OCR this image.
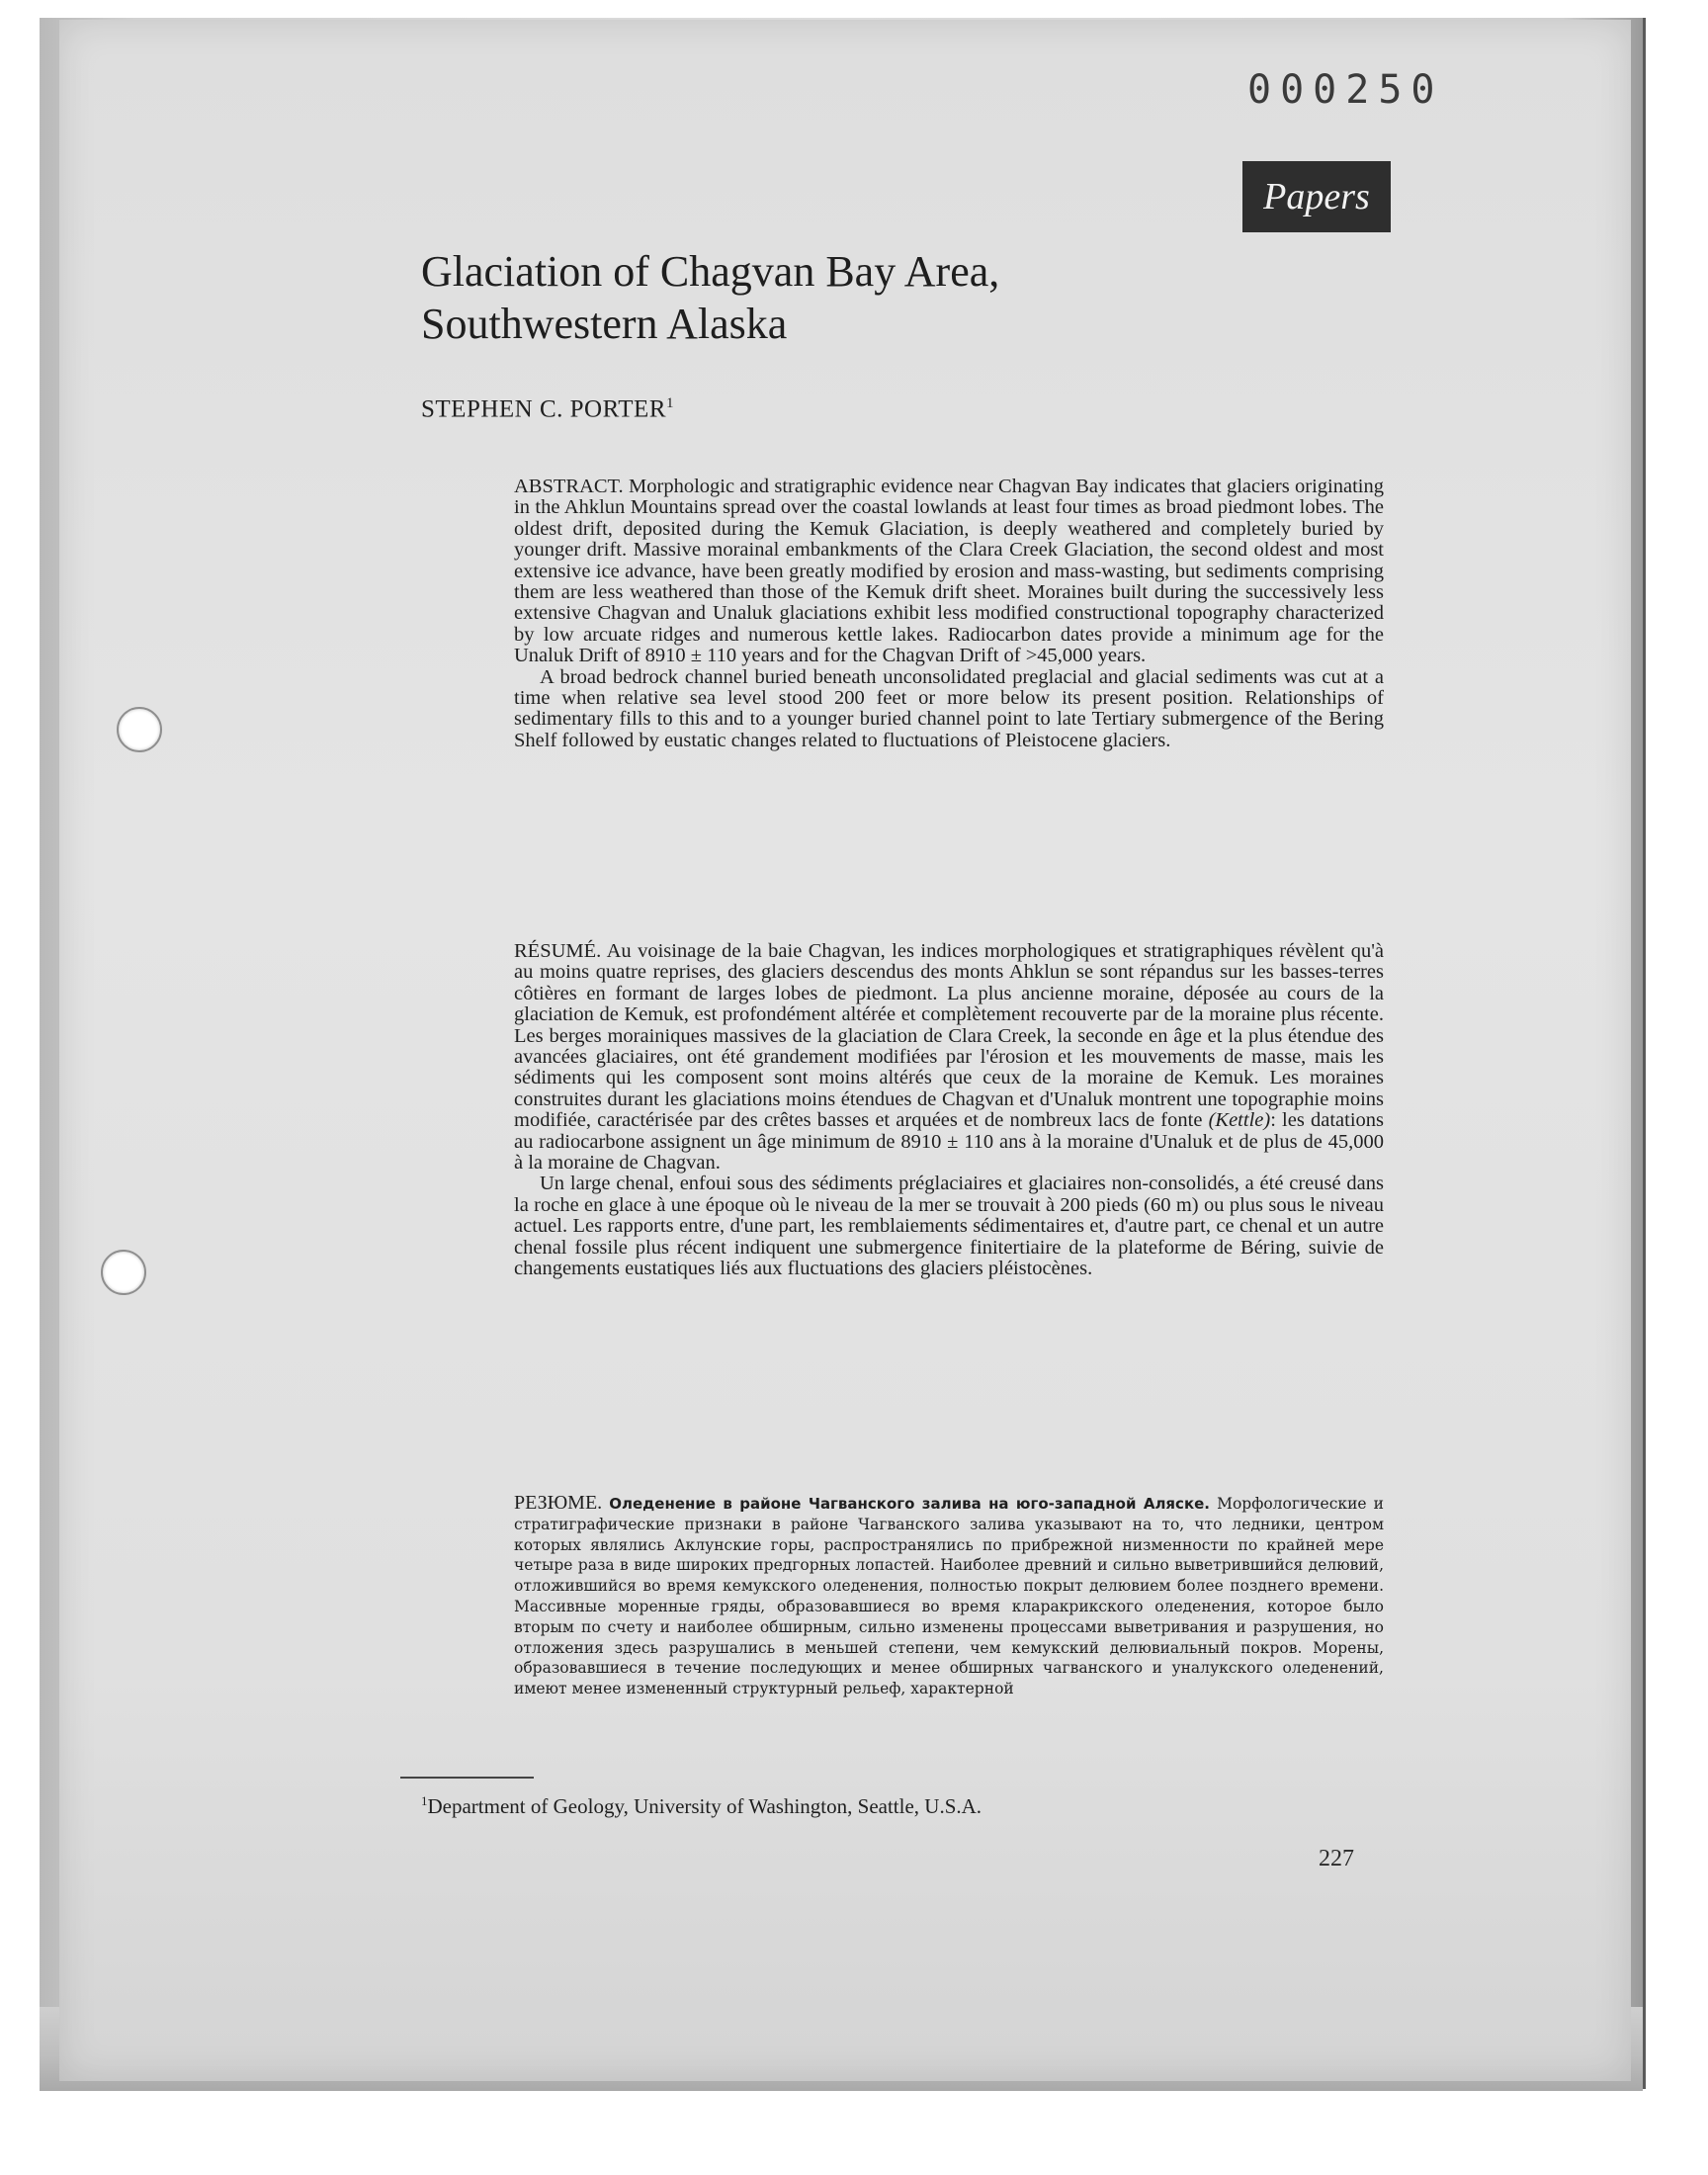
000250
Papers
Glaciation of Chagvan Bay Area,
Southwestern Alaska
STEPHEN C. PORTER$^1$

ABSTRACT. Morphologic and stratigraphic evidence near Chagvan Bay indicates that glaciers originating in the Ahklun Mountains spread over the coastal lowlands at least four times as broad piedmont lobes. The oldest drift, deposited during the Kemuk Glaciation, is deeply weathered and completely buried by younger drift. Massive morainal embankments of the Clara Creek Glaciation, the second oldest and most extensive ice advance, have been greatly modified by erosion and mass-wasting, but sediments comprising them are less weathered than those of the Kemuk drift sheet. Moraines built during the successively less extensive Chagvan and Unaluk glaciations exhibit less modified constructional topography characterized by low arcuate ridges and numerous kettle lakes. Radiocarbon dates provide a minimum age for the Unaluk Drift of 8910 ± 110 years and for the Chagvan Drift of >45,000 years.

A broad bedrock channel buried beneath unconsolidated preglacial and glacial sediments was cut at a time when relative sea level stood 200 feet or more below its present position. Relationships of sedimentary fills to this and to a younger buried channel point to late Tertiary submergence of the Bering Shelf followed by eustatic changes related to fluctuations of Pleistocene glaciers.

RÉSUMÉ. Au voisinage de la baie Chagvan, les indices morphologiques et stratigraphiques révèlent qu'à au moins quatre reprises, des glaciers descendus des monts Ahklun se sont répandus sur les basses-terres côtières en formant de larges lobes de piedmont. La plus ancienne moraine, déposée au cours de la glaciation de Kemuk, est profondément altérée et complètement recouverte par de la moraine plus récente. Les berges morainiques massives de la glaciation de Clara Creek, la seconde en âge et la plus étendue des avancées glaciaires, ont été grandement modifiées par l'érosion et les mouvements de masse, mais les sédiments qui les composent sont moins altérés que ceux de la moraine de Kemuk. Les moraines construites durant les glaciations moins étendues de Chagvan et d'Unaluk montrent une topographie moins modifiée, caractérisée par des crêtes basses et arquées et de nombreux lacs de fonte (Kettle): les datations au radiocarbone assignent un âge minimum de 8910 ± 110 ans à la moraine d'Unaluk et de plus de 45,000 à la moraine de Chagvan.

Un large chenal, enfoui sous des sédiments préglaciaires et glaciaires non-consolidés, a été creusé dans la roche en glace à une époque où le niveau de la mer se trouvait à 200 pieds (60 m) ou plus sous le niveau actuel. Les rapports entre, d'une part, les remblaiements sédimentaires et, d'autre part, ce chenal et un autre chenal fossile plus récent indiquent une submergence finitertiaire de la plateforme de Béring, suivie de changements eustatiques liés aux fluctuations des glaciers pléistocènes.

РЕЗЮМЕ. Оледенение в районе Чагванского залива на юго-западной Аляске. Морфологические и стратиграфические признаки в районе Чагванского залива указывают на то, что ледники, центром которых являлись Аклунские горы, распространялись по прибрежной низменности по крайней мере четыре раза в виде широких предгорных лопастей. Наиболее древний и сильно выветрившийся делювий, отложившийся во время кемукского оледенения, полностью покрыт делювием более позднего времени. Массивные моренные гряды, образовавшиеся во время кларакрикского оледенения, которое было вторым по счету и наиболее обширным, сильно изменены процессами выветривания и разрушения, но отложения здесь разрушались в меньшей степени, чем кемукский делювиальный покров. Морены, образовавшиеся в течение последующих и менее обширных чагванского и уналукского оледенений, имеют менее измененный структурный рельеф, характерной

$^1$Department of Geology, University of Washington, Seattle, U.S.A.
227
